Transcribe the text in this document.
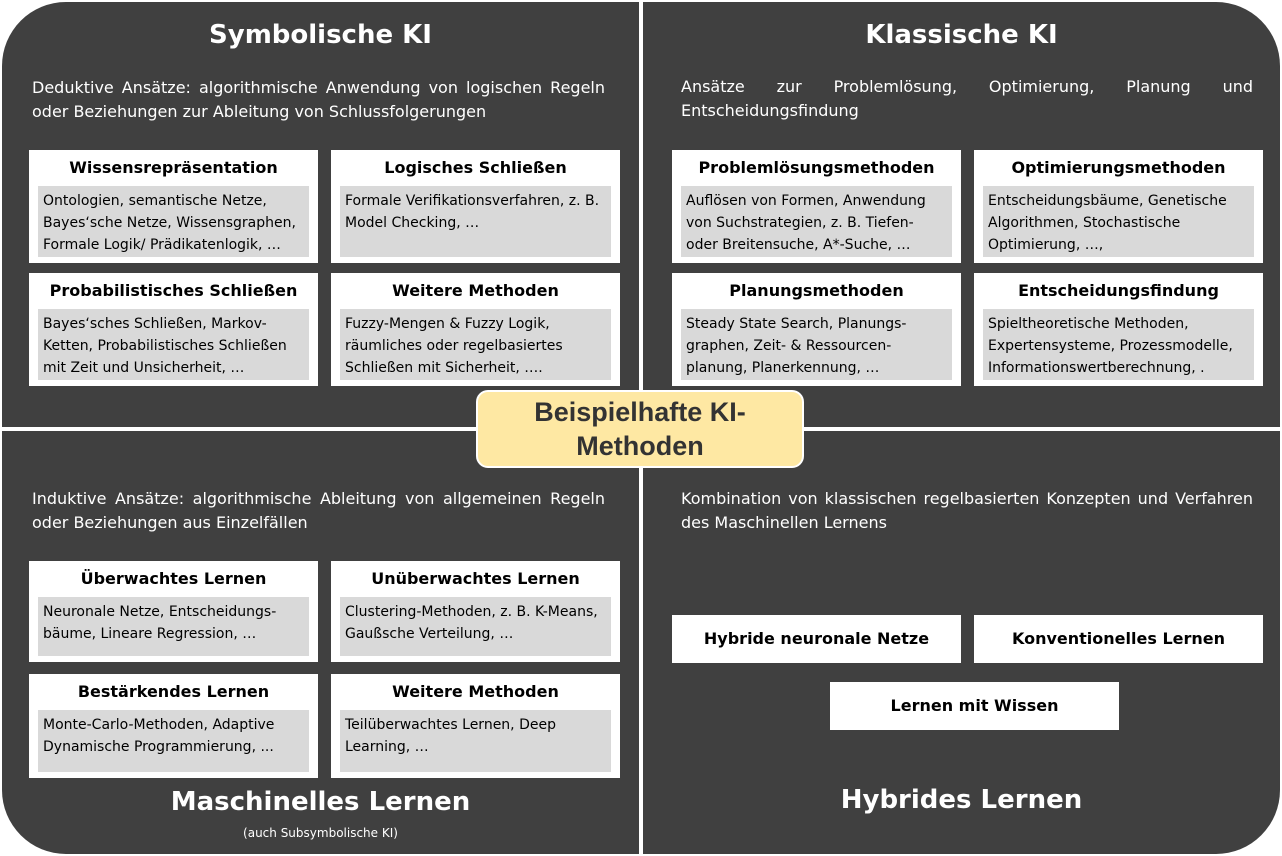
Symbolische KI
Deduktive Ansätze: algorithmische Anwendung von logischen Regeln oder Beziehungen zur Ableitung von Schlussfolgerungen
Wissensrepräsentation
Ontologien, semantische Netze, Bayes‘sche Netze, Wissensgraphen, Formale Logik/ Prädikatenlogik, …
Logisches Schließen
Formale Verifikationsverfahren, z. B. Model Checking, …
Probabilistisches Schließen
Bayes‘sches Schließen, Markov-Ketten, Probabilistisches Schließen mit Zeit und Unsicherheit, …
Weitere Methoden
Fuzzy-Mengen & Fuzzy Logik, räumliches oder regelbasiertes Schließen mit Sicherheit, ….
Klassische KI
Ansätze zur Problemlösung, Optimierung, Planung und Entscheidungsfindung
Problemlösungsmethoden
Auflösen von Formen, Anwendung von Suchstrategien, z. B. Tiefen- oder Breitensuche, A*-Suche, …
Optimierungsmethoden
Entscheidungsbäume, Genetische Algorithmen, Stochastische Optimierung, …,
Planungsmethoden
Steady State Search, Planungs-graphen, Zeit- & Ressourcen-planung, Planerkennung, …
Entscheidungsfindung
Spieltheoretische Methoden, Expertensysteme, Prozessmodelle, Informationswertberechnung, .
Induktive Ansätze: algorithmische Ableitung von allgemeinen Regeln oder Beziehungen aus Einzelfällen
Überwachtes Lernen
Neuronale Netze, Entscheidungs-bäume, Lineare Regression, …
Unüberwachtes Lernen
Clustering-Methoden, z. B. K-Means, Gaußsche Verteilung, …
Bestärkendes Lernen
Monte-Carlo-Methoden, Adaptive Dynamische Programmierung, ...
Weitere Methoden
Teilüberwachtes Lernen, Deep Learning, …
Maschinelles Lernen
(auch Subsymbolische KI)
Kombination von klassischen regelbasierten Konzepten und Verfahren des Maschinellen Lernens
Hybride neuronale Netze	Konventionelles Lernen
Lernen mit Wissen
Hybrides Lernen
Beispielhafte KI-Methoden
